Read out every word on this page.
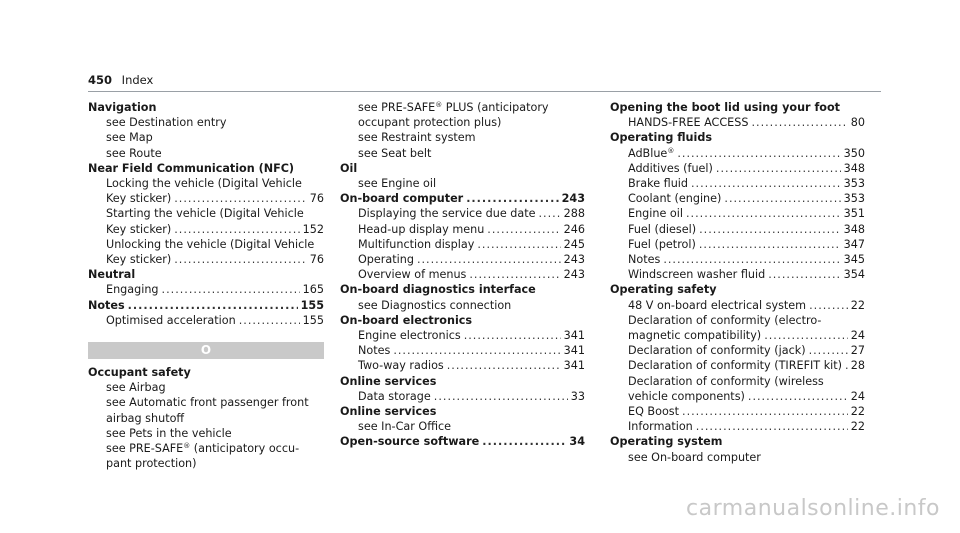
450 Index
Navigation
see Destination entry
see Map
see Route
Near Field Communication (NFC)
Locking the vehicle (Digital Vehicle
Key sticker) .....	76
Starting the vehicle (Digital Vehicle
Key sticker) .....	152
Unlocking the vehicle (Digital Vehicle
Key sticker) .....	76
Neutral
Engaging .....	165
Notes .....	155
Optimised acceleration .....	155
O
Occupant safety
see Airbag
see Automatic front passenger front
airbag shutoff
see Pets in the vehicle
see PRE-SAFE® (anticipatory occu-
pant protection)
see PRE-SAFE® PLUS (anticipatory
occupant protection plus)
see Restraint system
see Seat belt
Oil
see Engine oil
On-board computer .....	243
Displaying the service due date .....	288
Head-up display menu .....	246
Multifunction display .....	245
Operating .....	243
Overview of menus .....	243
On-board diagnostics interface
see Diagnostics connection
On-board electronics
Engine electronics .....	341
Notes .....	341
Two-way radios .....	341
Online services
Data storage .....	33
Online services
see In-Car Office
Open-source software .....	34
Opening the boot lid using your foot
HANDS-FREE ACCESS .....	80
Operating fluids
AdBlue® .....	350
Additives (fuel) .....	348
Brake fluid .....	353
Coolant (engine) .....	353
Engine oil .....	351
Fuel (diesel) .....	348
Fuel (petrol) .....	347
Notes .....	345
Windscreen washer fluid .....	354
Operating safety
48 V on-board electrical system .....	22
Declaration of conformity (electro-
magnetic compatibility) .....	24
Declaration of conformity (jack) .....	27
Declaration of conformity (TIREFIT kit) ..... 28
Declaration of conformity (wireless
vehicle components) .....	24
EQ Boost .....	22
Information .....	22
Operating system
see On-board computer
carmanualsonline.info
